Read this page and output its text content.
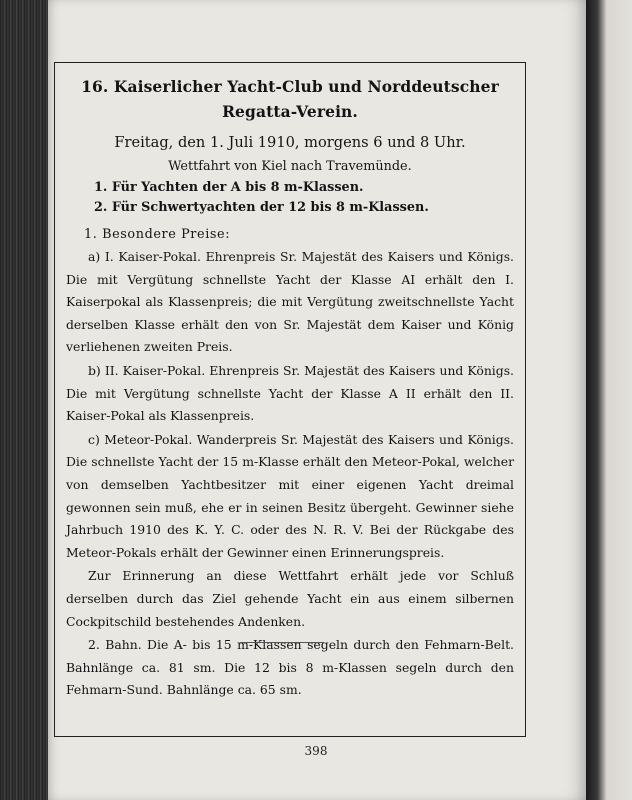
16. Kaiserlicher Yacht-Club und Norddeutscher
Regatta-Verein.
Freitag, den 1. Juli 1910, morgens 6 und 8 Uhr.
Wettfahrt von Kiel nach Travemünde.
1. Für Yachten der A bis 8 m-Klassen.
2. Für Schwertyachten der 12 bis 8 m-Klassen.
1. Besondere Preise:

a) I. Kaiser-Pokal. Ehrenpreis Sr. Majestät des Kaisers und Königs. Die mit Vergütung schnellste Yacht der Klasse AI erhält den I. Kaiserpokal als Klassenpreis; die mit Vergütung zweitschnellste Yacht derselben Klasse erhält den von Sr. Majestät dem Kaiser und König verliehenen zweiten Preis.

b) II. Kaiser-Pokal. Ehrenpreis Sr. Majestät des Kaisers und Königs. Die mit Vergütung schnellste Yacht der Klasse A II erhält den II. Kaiser-Pokal als Klassenpreis.

c) Meteor-Pokal. Wanderpreis Sr. Majestät des Kaisers und Königs. Die schnellste Yacht der 15 m-Klasse erhält den Meteor-Pokal, welcher von demselben Yachtbesitzer mit einer eigenen Yacht dreimal gewonnen sein muß, ehe er in seinen Besitz übergeht. Gewinner siehe Jahrbuch 1910 des K. Y. C. oder des N. R. V. Bei der Rückgabe des Meteor-Pokals erhält der Gewinner einen Erinnerungspreis.

Zur Erinnerung an diese Wettfahrt erhält jede vor Schluß derselben durch das Ziel gehende Yacht ein aus einem silbernen Cockpitschild bestehendes Andenken.

2. Bahn. Die A- bis 15 m-Klassen segeln durch den Fehmarn-Belt. Bahnlänge ca. 81 sm. Die 12 bis 8 m-Klassen segeln durch den Fehmarn-Sund. Bahnlänge ca. 65 sm.

398
